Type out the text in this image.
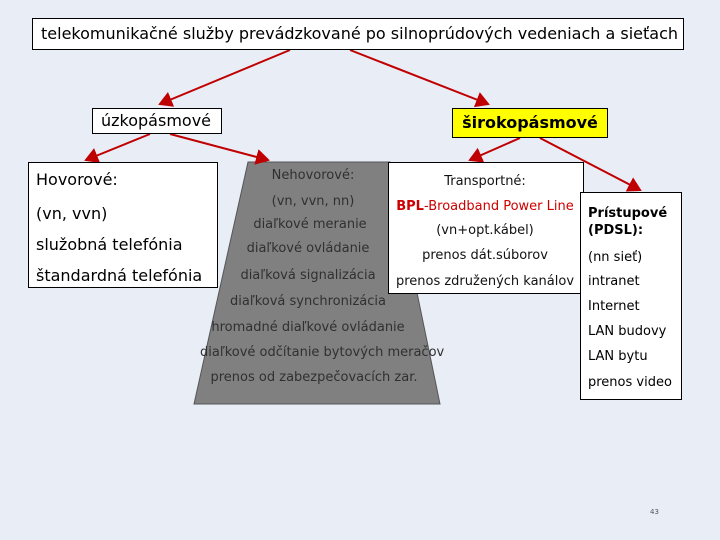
telekomunikačné služby prevádzkované po silnoprúdových vedeniach a sieťach
úzkopásmové	širokopásmové
Hovorové:
(vn, vvn)
služobná telefónia
štandardná telefónia
Nehovorové:
(vn, vvn, nn)
diaľkové meranie
diaľkové ovládanie
diaľková signalizácia
diaľková synchronizácia
hromadné diaľkové ovládanie
diaľkové odčítanie bytových meračov
prenos od zabezpečovacích zar.
Transportné:
BPL-Broadband Power Line
(vn+opt.kábel)
prenos dát.súborov
prenos združených kanálov
Prístupové
(PDSL):
(nn sieť)
intranet
Internet
LAN budovy
LAN bytu
prenos video
43
